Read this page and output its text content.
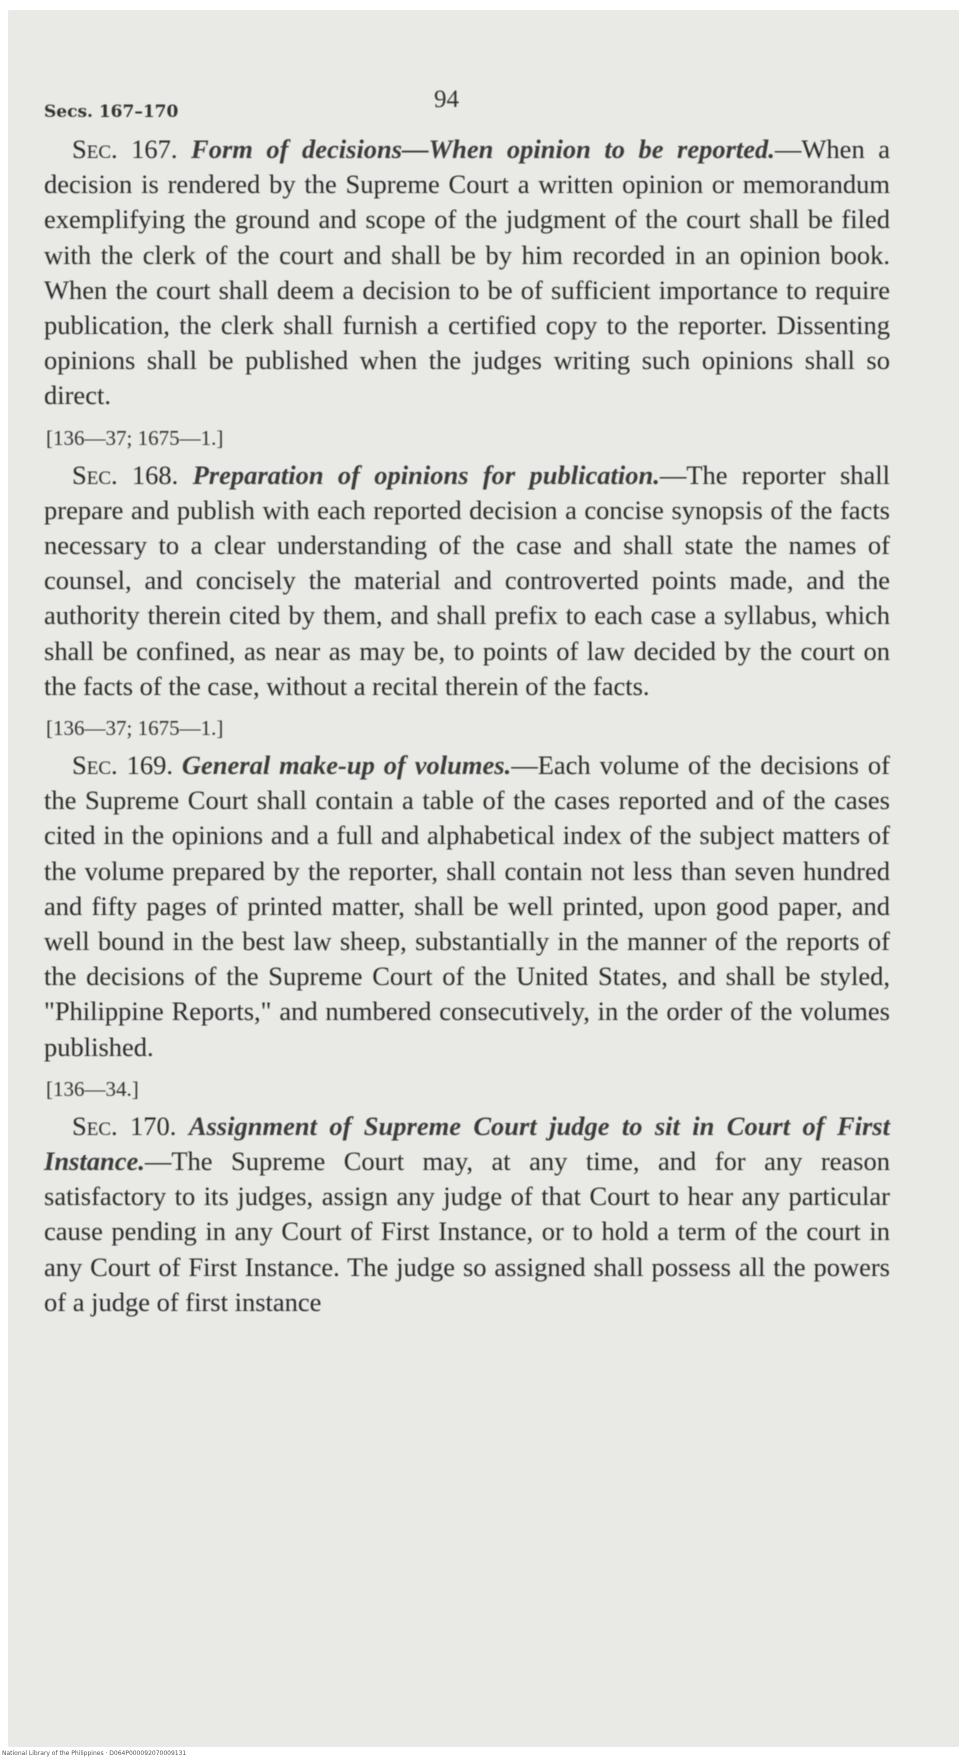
Secs. 167–170	94

Sec. 167. Form of decisions—When opinion to be reported.—When a decision is rendered by the Supreme Court a written opinion or memorandum exemplifying the ground and scope of the judgment of the court shall be filed with the clerk of the court and shall be by him recorded in an opinion book. When the court shall deem a decision to be of sufficient importance to require publication, the clerk shall furnish a certified copy to the reporter. Dissenting opinions shall be published when the judges writing such opinions shall so direct.

[136—37; 1675—1.]

Sec. 168. Preparation of opinions for publication.—The reporter shall prepare and publish with each reported decision a concise synopsis of the facts necessary to a clear understanding of the case and shall state the names of counsel, and concisely the material and controverted points made, and the authority therein cited by them, and shall prefix to each case a syllabus, which shall be confined, as near as may be, to points of law decided by the court on the facts of the case, without a recital therein of the facts.

[136—37; 1675—1.]

Sec. 169. General make-up of volumes.—Each volume of the decisions of the Supreme Court shall contain a table of the cases reported and of the cases cited in the opinions and a full and alphabetical index of the subject matters of the volume prepared by the reporter, shall contain not less than seven hundred and fifty pages of printed matter, shall be well printed, upon good paper, and well bound in the best law sheep, substantially in the manner of the reports of the decisions of the Supreme Court of the United States, and shall be styled, "Philippine Reports," and numbered consecutively, in the order of the volumes published.

[136—34.]

Sec. 170. Assignment of Supreme Court judge to sit in Court of First Instance.—The Supreme Court may, at any time, and for any reason satisfactory to its judges, assign any judge of that Court to hear any particular cause pending in any Court of First Instance, or to hold a term of the court in any Court of First Instance. The judge so assigned shall possess all the powers of a judge of first instance

National Library of the Philippines · D064P000092070009131
